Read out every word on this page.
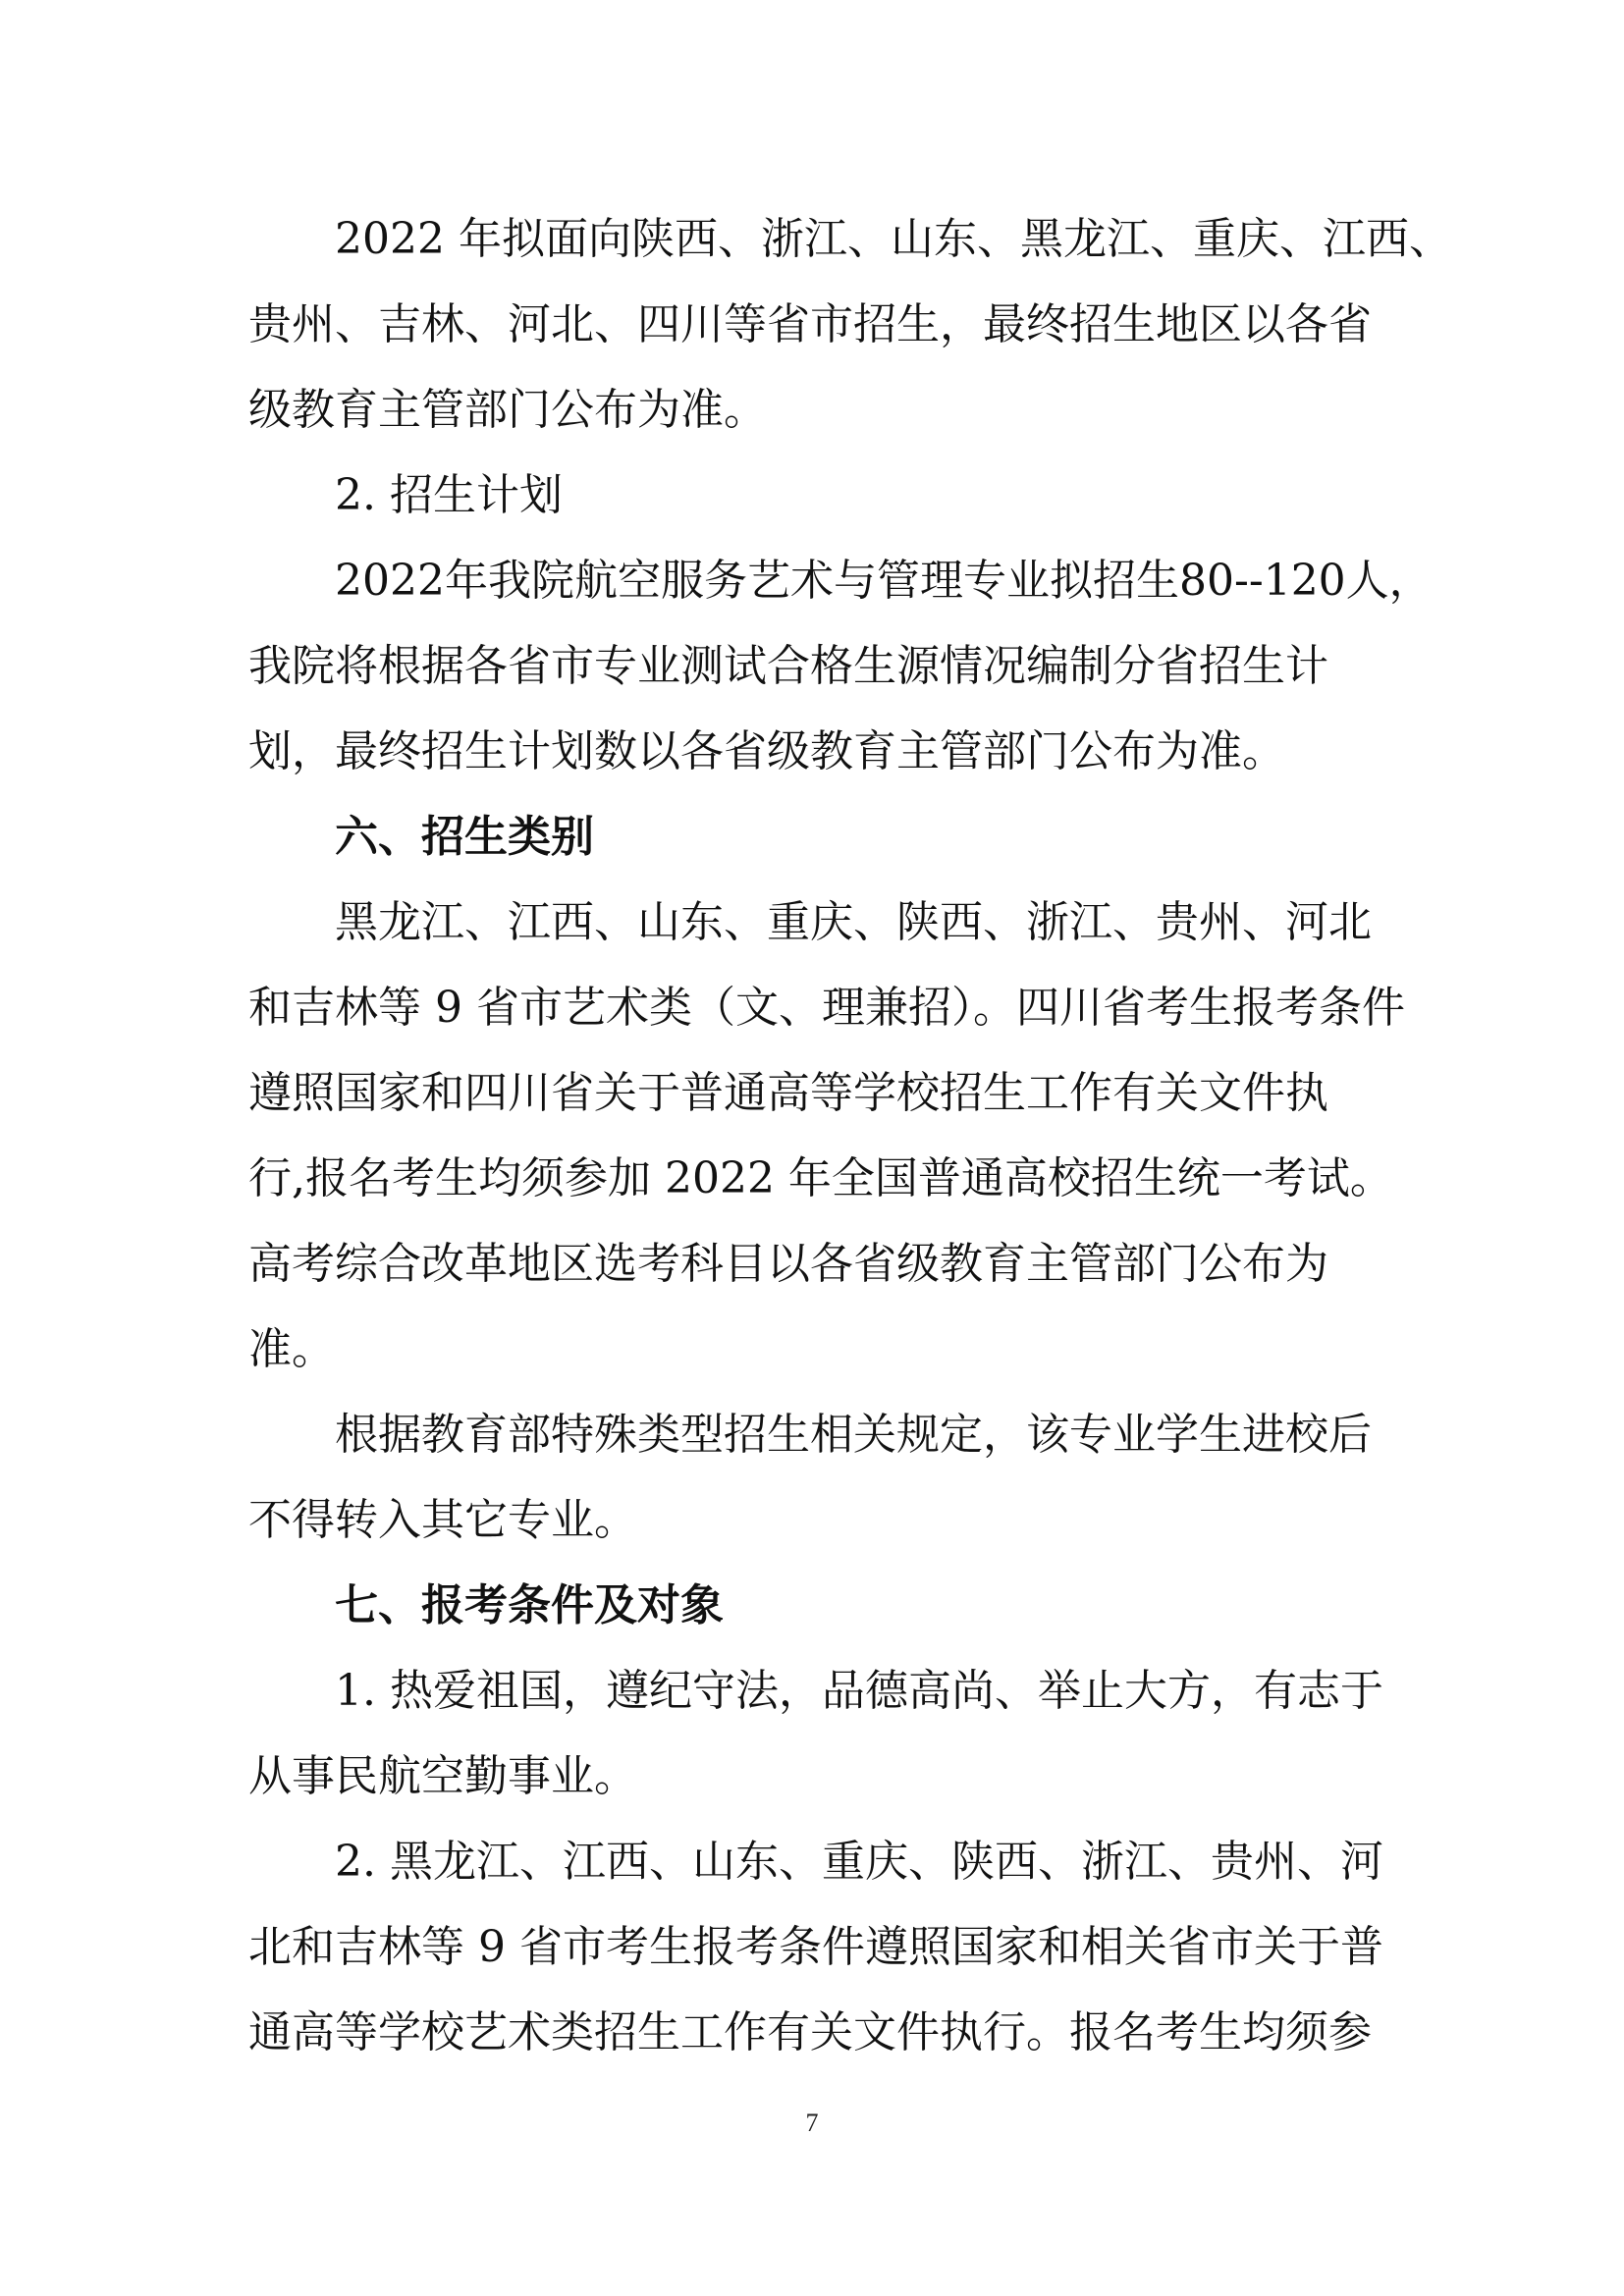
2022 年拟面向陕西、浙江、山东、黑龙江、重庆、江西、
贵州、吉林、河北、四川等省市招生，最终招生地区以各省
级教育主管部门公布为准。
2. 招生计划
2022年我院航空服务艺术与管理专业拟招生80--120人，
我院将根据各省市专业测试合格生源情况编制分省招生计
划，最终招生计划数以各省级教育主管部门公布为准。
六、招生类别
黑龙江、江西、山东、重庆、陕西、浙江、贵州、河北
和吉林等 9 省市艺术类（文、理兼招）。四川省考生报考条件
遵照国家和四川省关于普通高等学校招生工作有关文件执
行,报名考生均须参加 2022 年全国普通高校招生统一考试。
高考综合改革地区选考科目以各省级教育主管部门公布为
准。
根据教育部特殊类型招生相关规定，该专业学生进校后
不得转入其它专业。
七、报考条件及对象
1. 热爱祖国，遵纪守法，品德高尚、举止大方，有志于
从事民航空勤事业。
2. 黑龙江、江西、山东、重庆、陕西、浙江、贵州、河
北和吉林等 9 省市考生报考条件遵照国家和相关省市关于普
通高等学校艺术类招生工作有关文件执行。报名考生均须参
7
